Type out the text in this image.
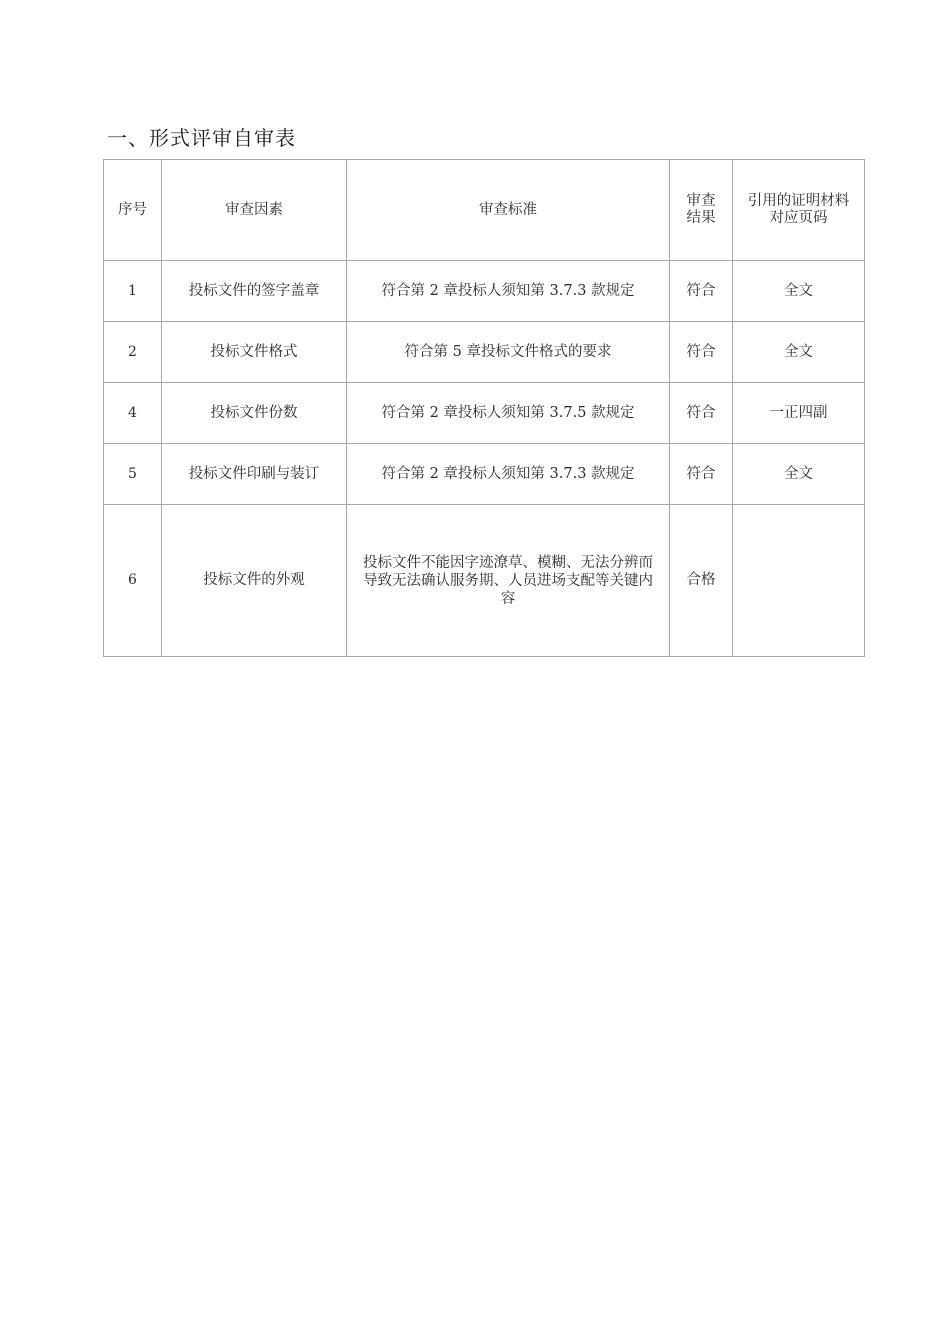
一、形式评审自审表
序号	审查因素	审查标准	审查结果	引用的证明材料对应页码
1	投标文件的签字盖章	符合第 2 章投标人须知第 3.7.3 款规定	符合	全文
2	投标文件格式	符合第 5 章投标文件格式的要求	符合	全文
4	投标文件份数	符合第 2 章投标人须知第 3.7.5 款规定	符合	一正四副
5	投标文件印刷与装订	符合第 2 章投标人须知第 3.7.3 款规定	符合	全文
6	投标文件的外观	投标文件不能因字迹潦草、模糊、无法分辨而导致无法确认服务期、人员进场支配等关键内容	合格	
